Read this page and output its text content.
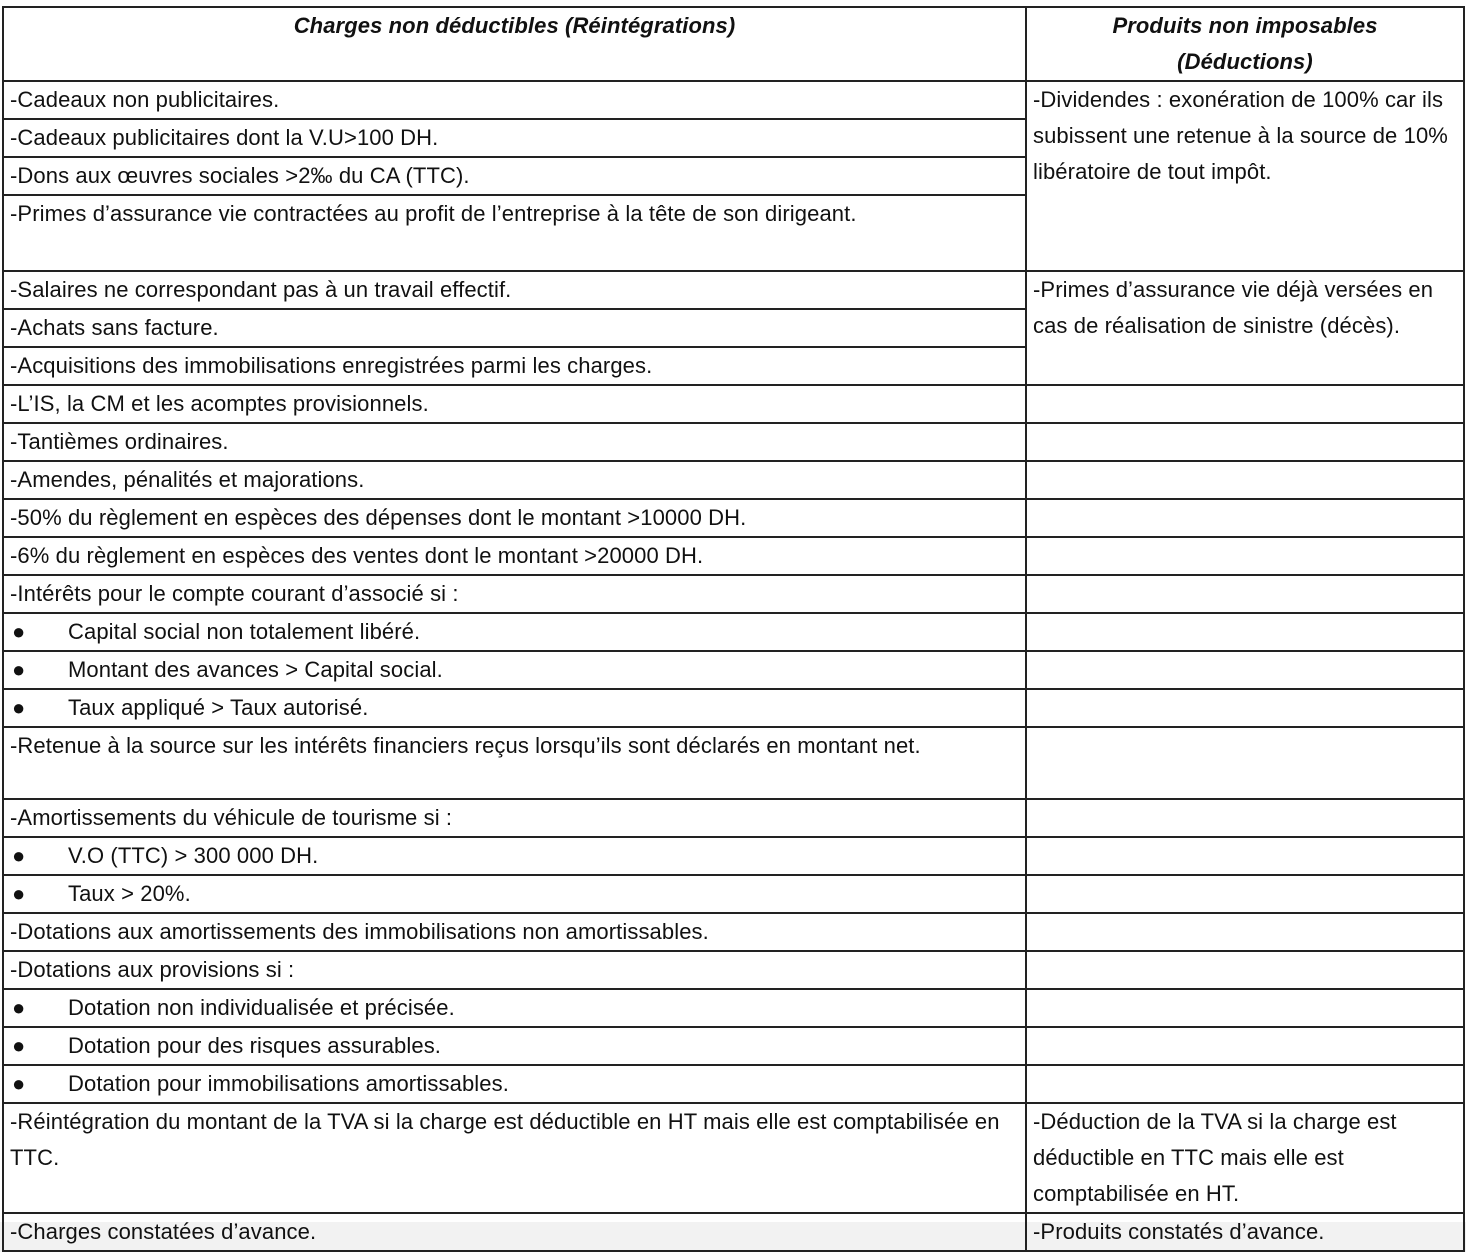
Charges non déductibles (Réintégrations)	Produits non imposables
(Déductions)
-Cadeaux non publicitaires.	-Dividendes : exonération de 100% car ils subissent une retenue à la source de 10% libératoire de tout impôt.
-Cadeaux publicitaires dont la V.U>100 DH.	
-Dons aux œuvres sociales >2‰ du CA (TTC).	
-Primes d’assurance vie contractées au profit de l’entreprise à la tête de son dirigeant.	
-Salaires ne correspondant pas à un travail effectif.	-Primes d’assurance vie déjà versées en cas de réalisation de sinistre (décès).
-Achats sans facture.	
-Acquisitions des immobilisations enregistrées parmi les charges.	
-L’IS, la CM et les acomptes provisionnels.	
-Tantièmes ordinaires.	
-Amendes, pénalités et majorations.	
-50% du règlement en espèces des dépenses dont le montant >10000 DH.	
-6% du règlement en espèces des ventes dont le montant >20000 DH.	
-Intérêts pour le compte courant d’associé si :	
● Capital social non totalement libéré.	
● Montant des avances > Capital social.	
● Taux appliqué > Taux autorisé.	
-Retenue à la source sur les intérêts financiers reçus lorsqu’ils sont déclarés en montant net.	
-Amortissements du véhicule de tourisme si :	
● V.O (TTC) > 300 000 DH.	
● Taux > 20%.	
-Dotations aux amortissements des immobilisations non amortissables.	
-Dotations aux provisions si :	
● Dotation non individualisée et précisée.	
● Dotation pour des risques assurables.	
● Dotation pour immobilisations amortissables.	
-Réintégration du montant de la TVA si la charge est déductible en HT mais elle est comptabilisée en TTC.	-Déduction de la TVA si la charge est déductible en TTC mais elle est comptabilisée en HT.
-Charges constatées d’avance.	-Produits constatés d’avance.
